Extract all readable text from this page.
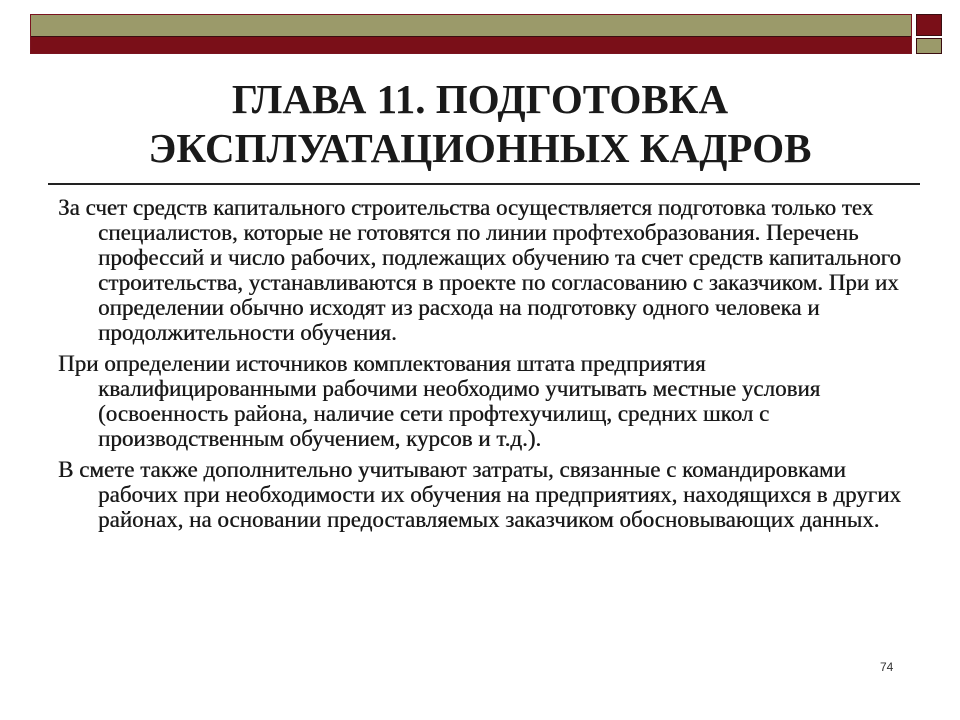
ГЛАВА 11. ПОДГОТОВКА
ЭКСПЛУАТАЦИОННЫХ КАДРОВ

За счет средств капитального строительства осуществляется подготовка только тех специалистов, которые не готовятся по линии профтехобразования. Перечень профессий и число рабочих, подлежащих обучению та счет средств капитального строительства, устанавливаются в проекте по согласованию с заказчиком. При их определении обычно исходят из расхода на подготовку одного человека и продолжительности обучения.

При определении источников комплектования штата предприятия квалифицированными рабочими необходимо учитывать местные условия (освоенность района, наличие сети профтехучилищ, средних школ с производственным обучением, курсов и т.д.).

В смете также дополнительно учитывают затраты, связанные с командировками рабочих при необходимости их обучения на предприятиях, находящихся в других районах, на основании предоставляемых заказчиком обосновывающих данных.

74
